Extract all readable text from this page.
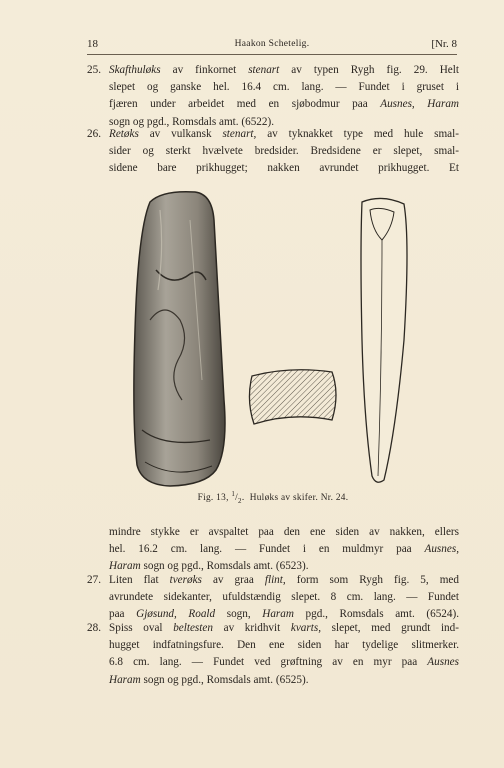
18	Haakon Schetelig.	[Nr. 8
25. Skafthuløks av finkornet stenart av typen Rygh fig. 29. Helt
slepet og ganske hel. 16.4 cm. lang. — Fundet i gruset i
fjæren under arbeidet med en sjøbodmur paa Ausnes, Haram
sogn og pgd., Romsdals amt. (6522).
26. Retøks av vulkansk stenart, av tyknakket type med hule smal-
sider og sterkt hvælvete bredsider. Bredsidene er slepet, smal-
sidene bare prikhugget; nakken avrundet prikhugget. Et
Fig. 13, $^1/_2$.  Huløks av skifer. Nr. 24.
mindre stykke er avspaltet paa den ene siden av nakken, ellers
hel. 16.2 cm. lang. — Fundet i en muldmyr paa Ausnes,
Haram sogn og pgd., Romsdals amt. (6523).
27. Liten flat tverøks av graa flint, form som Rygh fig. 5, med
avrundete sidekanter, ufuldstændig slepet. 8 cm. lang. — Fundet
paa Gjøsund, Roald sogn, Haram pgd., Romsdals amt. (6524).
28. Spiss oval beltesten av kridhvit kvarts, slepet, med grundt ind-
hugget indfatningsfure. Den ene siden har tydelige slitmerker.
6.8 cm. lang. — Fundet ved grøftning av en myr paa Ausnes
Haram sogn og pgd., Romsdals amt. (6525).
